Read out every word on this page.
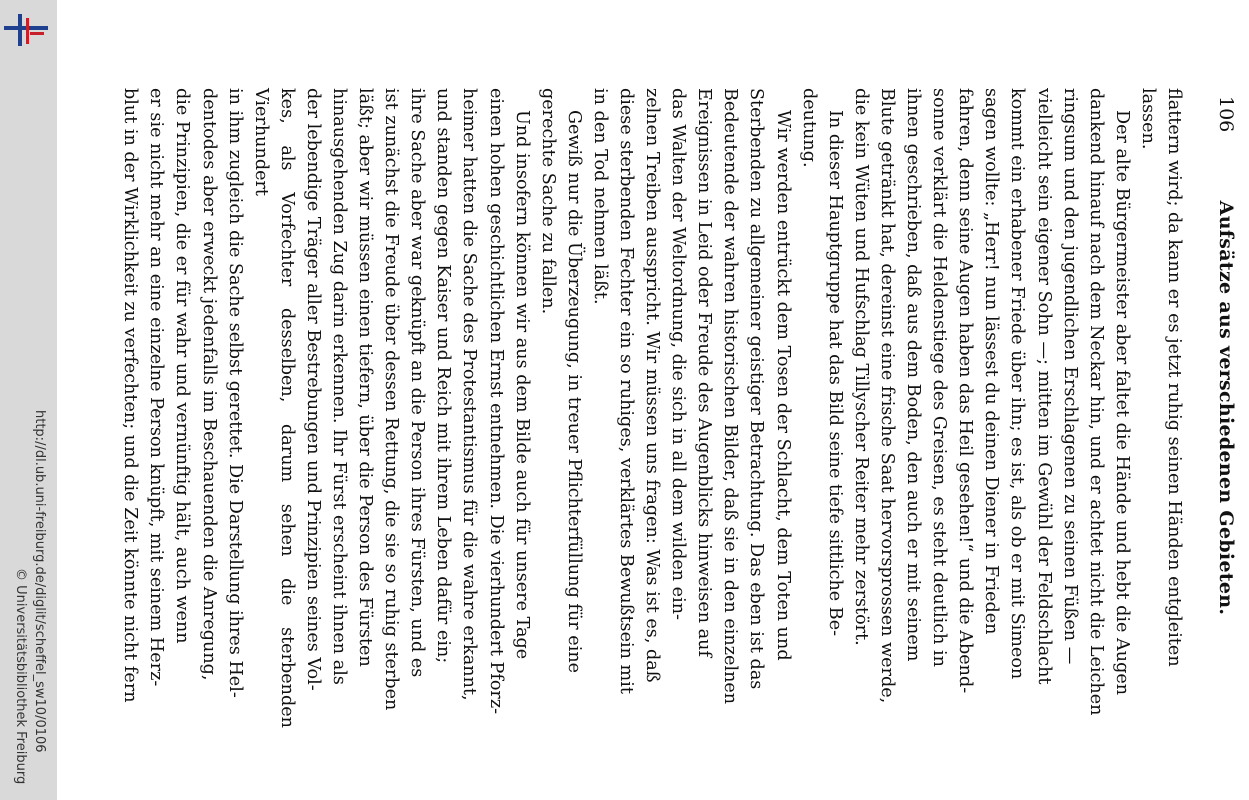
http://dl.ub.uni-freiburg.de/diglit/scheffel_sw10/0106
© Universitätsbibliothek Freiburg
106
Aufsätze aus verschiedenen Gebieten.

flattern wird; da kann er es jetzt ruhig seinen Händen entgleiten

lassen.

Der alte Bürgermeister aber faltet die Hände und hebt die Augen

dankend hinauf nach dem Neckar hin, und er achtet nicht die Leichen

ringsum und den jugendlichen Erschlagenen zu seinen Füßen —

vielleicht sein eigener Sohn —; mitten im Gewühl der Feldschlacht

kommt ein erhabener Friede über ihn; es ist, als ob er mit Simeon

sagen wollte: „Herr! nun lässest du deinen Diener in Frieden

fahren, denn seine Augen haben das Heil gesehen!“ und die Abend-

sonne verklärt die Heldenstiege des Greisen, es steht deutlich in

ihnen geschrieben, daß aus dem Boden, den auch er mit seinem

Blute getränkt hat, dereinst eine frische Saat hervorsprossen werde,

die kein Wüten und Hufschlag Tillyscher Reiter mehr zerstört.

In dieser Hauptgruppe hat das Bild seine tiefe sittliche Be-

deutung.

Wir werden entrückt dem Tosen der Schlacht, dem Toten und

Sterbenden zu allgemeiner geistiger Betrachtung. Das eben ist das

Bedeutende der wahren historischen Bilder, daß sie in den einzelnen

Ereignissen in Leid oder Freude des Augenblicks hinweisen auf

das Walten der Weltordnung, die sich in all dem wilden ein-

zelnen Treiben ausspricht. Wir müssen uns fragen: Was ist es, daß

diese sterbenden Fechter ein so ruhiges, verklärtes Bewußtsein mit

in den Tod nehmen läßt.

Gewiß nur die Überzeugung, in treuer Pflichterfüllung für eine

gerechte Sache zu fallen.

Und insofern können wir aus dem Bilde auch für unsere Tage

einen hohen geschichtlichen Ernst entnehmen. Die vierhundert Pforz-

heimer hatten die Sache des Protestantismus für die wahre erkannt,

und standen gegen Kaiser und Reich mit ihrem Leben dafür ein;

ihre Sache aber war geknüpft an die Person ihres Fürsten, und es

ist zunächst die Freude über dessen Rettung, die sie so ruhig sterben

läßt; aber wir müssen einen tiefern, über die Person des Fürsten

hinausgehenden Zug darin erkennen. Ihr Fürst erscheint ihnen als

der lebendige Träger aller Bestrebungen und Prinzipien seines Vol-

kes, als Vorfechter desselben, darum sehen die sterbenden Vierhundert

in ihm zugleich die Sache selbst gerettet. Die Darstellung ihres Hel-

dentodes aber erweckt jedenfalls im Beschauenden die Anregung,

die Prinzipien, die er für wahr und vernünftig hält, auch wenn

er sie nicht mehr an eine einzelne Person knüpft, mit seinem Herz-

blut in der Wirklichkeit zu verfechten; und die Zeit könnte nicht fern
